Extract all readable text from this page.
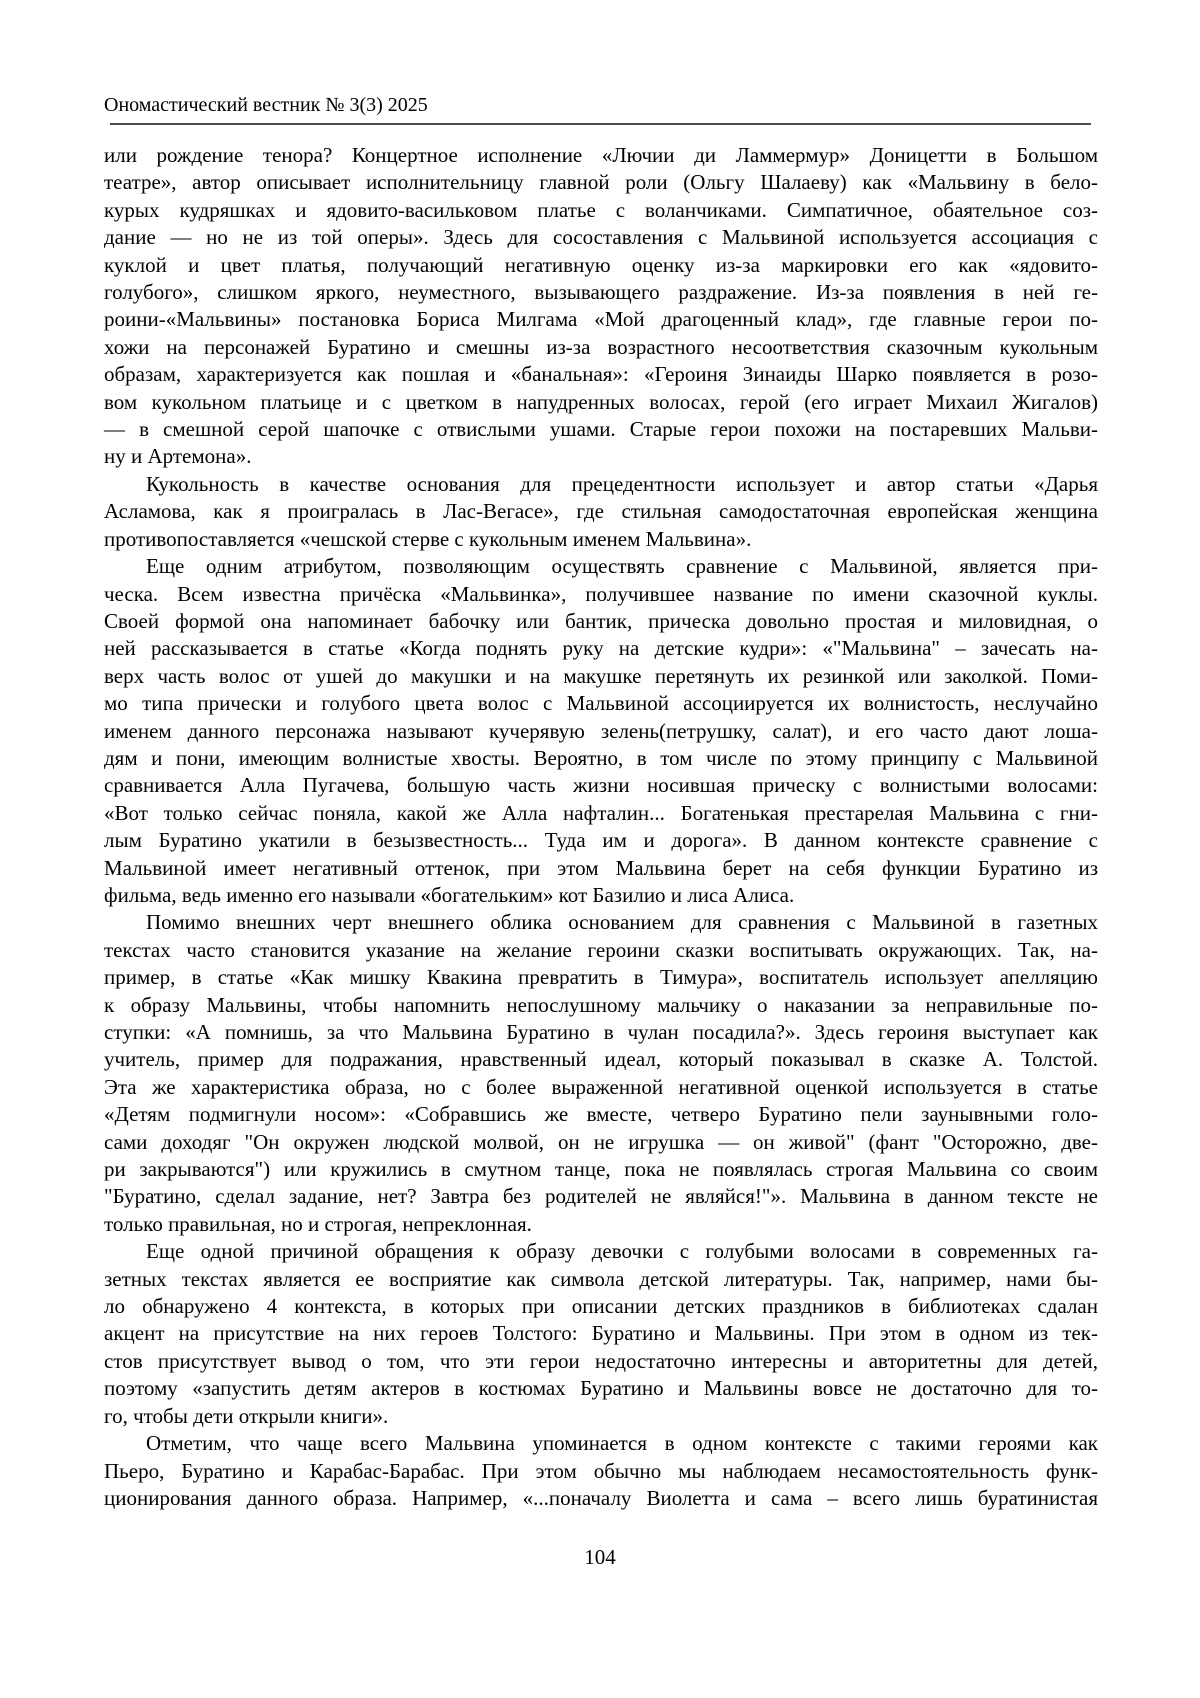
Ономастический вестник № 3(3) 2025
или рождение тенора? Концертное исполнение «Лючии ди Ламмермур» Доницетти в Большом
театре», автор описывает исполнительницу главной роли (Ольгу Шалаеву) как «Мальвину в бело-
курых кудряшках и ядовито-васильковом платье с воланчиками. Симпатичное, обаятельное соз-
дание — но не из той оперы». Здесь для сосоставления с Мальвиной используется ассоциация с
куклой и цвет платья, получающий негативную оценку из-за маркировки его как «ядовито-
голубого», слишком яркого, неуместного, вызывающего раздражение. Из-за появления в ней ге-
роини-«Мальвины» постановка Бориса Милгама «Мой драгоценный клад», где главные герои по-
хожи на персонажей Буратино и смешны из-за возрастного несоответствия сказочным кукольным
образам, характеризуется как пошлая и «банальная»: «Героиня Зинаиды Шарко появляется в розо-
вом кукольном платьице и с цветком в напудренных волосах, герой (его играет Михаил Жигалов)
— в смешной серой шапочке с отвислыми ушами. Старые герои похожи на постаревших Мальви-
ну и Артемона».
Кукольность в качестве основания для прецедентности использует и автор статьи «Дарья
Асламова, как я проигралась в Лас-Вегасе», где стильная самодостаточная европейская женщина
противопоставляется «чешской стерве с кукольным именем Мальвина».
Еще одним атрибутом, позволяющим осуществять сравнение с Мальвиной, является при-
ческа. Всем известна причёска «Мальвинка», получившее название по имени сказочной куклы.
Своей формой она напоминает бабочку или бантик, прическа довольно простая и миловидная, о
ней рассказывается в статье «Когда поднять руку на детские кудри»: «"Мальвина" – зачесать на-
верх часть волос от ушей до макушки и на макушке перетянуть их резинкой или заколкой. Поми-
мо типа прически и голубого цвета волос с Мальвиной ассоциируется их волнистость, неслучайно
именем данного персонажа называют кучерявую зелень(петрушку, салат), и его часто дают лоша-
дям и пони, имеющим волнистые хвосты. Вероятно, в том числе по этому принципу с Мальвиной
сравнивается Алла Пугачева, большую часть жизни носившая прическу с волнистыми волосами:
«Вот только сейчас поняла, какой же Алла нафталин... Богатенькая престарелая Мальвина с гни-
лым Буратино укатили в безызвестность... Туда им и дорога». В данном контексте сравнение с
Мальвиной имеет негативный оттенок, при этом Мальвина берет на себя функции Буратино из
фильма, ведь именно его называли «богательким» кот Базилио и лиса Алиса.
Помимо внешних черт внешнего облика основанием для сравнения с Мальвиной в газетных
текстах часто становится указание на желание героини сказки воспитывать окружающих. Так, на-
пример, в статье «Как мишку Квакина превратить в Тимура», воспитатель использует апелляцию
к образу Мальвины, чтобы напомнить непослушному мальчику о наказании за неправильные по-
ступки: «А помнишь, за что Мальвина Буратино в чулан посадила?». Здесь героиня выступает как
учитель, пример для подражания, нравственный идеал, который показывал в сказке А. Толстой.
Эта же характеристика образа, но с более выраженной негативной оценкой используется в статье
«Детям подмигнули носом»: «Собравшись же вместе, четверо Буратино пели заунывными голо-
сами доходяг "Он окружен людской молвой, он не игрушка — он живой" (фант "Осторожно, две-
ри закрываются") или кружились в смутном танце, пока не появлялась строгая Мальвина со своим
"Буратино, сделал задание, нет? Завтра без родителей не являйся!"». Мальвина в данном тексте не
только правильная, но и строгая, непреклонная.
Еще одной причиной обращения к образу девочки с голубыми волосами в современных га-
зетных текстах является ее восприятие как символа детской литературы. Так, например, нами бы-
ло обнаружено 4 контекста, в которых при описании детских праздников в библиотеках сдалан
акцент на присутствие на них героев Толстого: Буратино и Мальвины. При этом в одном из тек-
стов присутствует вывод о том, что эти герои недостаточно интересны и авторитетны для детей,
поэтому «запустить детям актеров в костюмах Буратино и Мальвины вовсе не достаточно для то-
го, чтобы дети открыли книги».
Отметим, что чаще всего Мальвина упоминается в одном контексте с такими героями как
Пьеро, Буратино и Карабас-Барабас. При этом обычно мы наблюдаем несамостоятельность функ-
ционирования данного образа. Например, «...поначалу Виолетта и сама – всего лишь буратинистая
104
